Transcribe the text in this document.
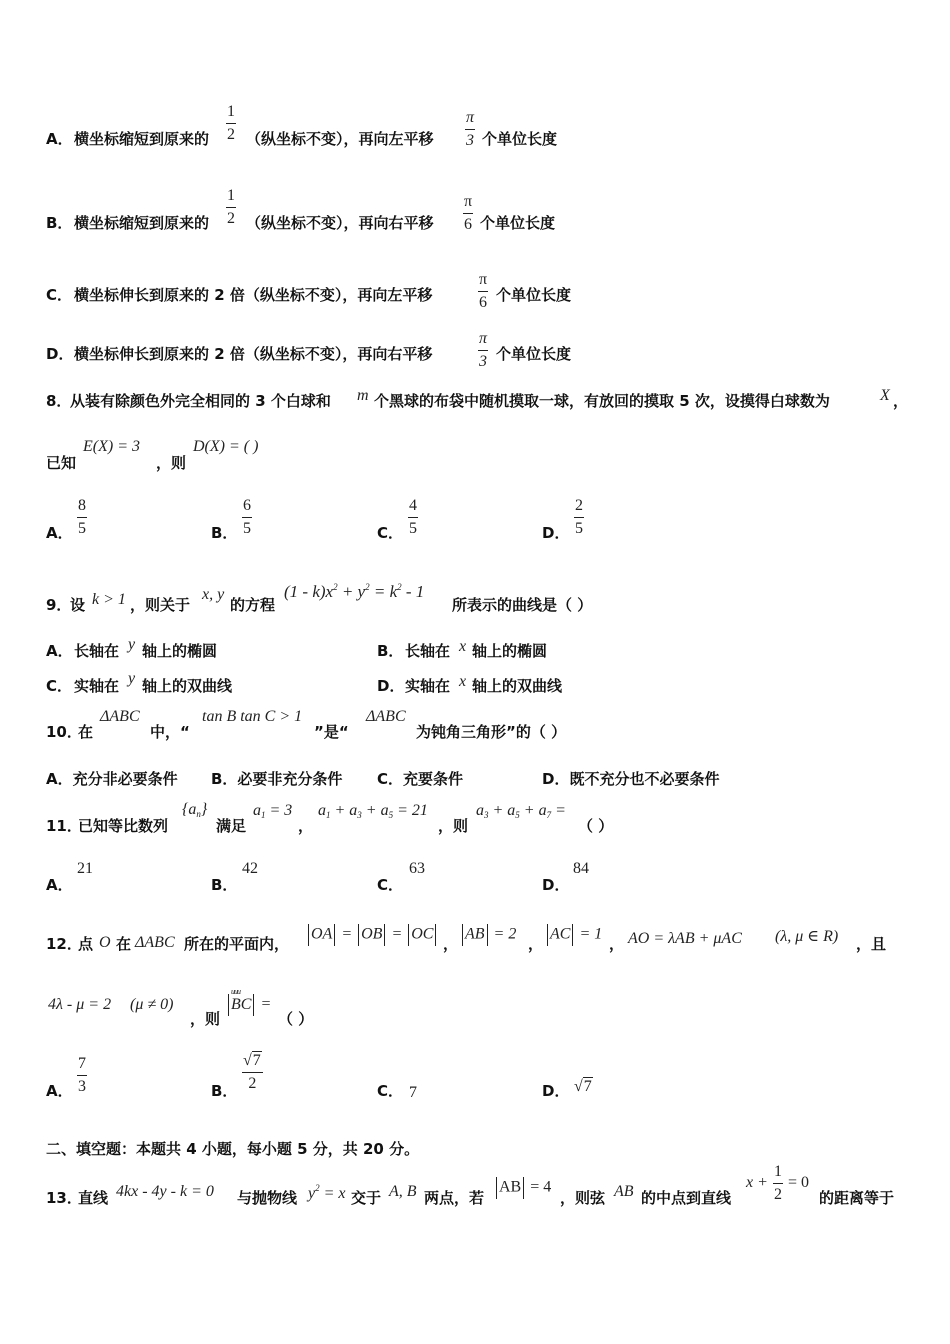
A． 横坐标缩短到原来的
1
2 （纵坐标不变），再向左平移
π
3 个单位长度
B． 横坐标缩短到原来的
1
2 （纵坐标不变），再向右平移
π
6 个单位长度
C． 横坐标伸长到原来的 2 倍（纵坐标不变），再向左平移
π
6 个单位长度
D． 横坐标伸长到原来的 2 倍（纵坐标不变），再向右平移
π
3 个单位长度
8．
从装有除颜色外完全相同的 3 个白球和 m 个黑球的布袋中随机摸取一球，有放回的摸取 5 次，设摸得白球数为	X ，
已知
E(X) = 3
，则
D(X) = ( )
A．
8
5	B．
6
5	C．
4
5	D．
2
5
9．
设 k > 1 ，则关于
x, y
的方程
$(1 - k)x^2 + y^2 = k^2 - 1$
所表示的曲线是（ ）
A． 长轴在 y 轴上的椭圆	B． 长轴在 x 轴上的椭圆
C． 实轴在 y 轴上的双曲线	D． 实轴在 x 轴上的双曲线
10．
在
ΔABC
中，“
tan B tan C > 1
”是“
ΔABC
为钝角三角形”的（ ）
A．充分非必要条件 B．必要非充分条件 C．充要条件	D．既不充分也不必要条件
11．
已知等比数列
$\{a_n\}$
满足
$a_1 = 3$
，
$a_1 + a_3 + a_5 = 21$
，则
$a_3 + a_5 + a_7$ =
（ ）
A．
21
B．
42
C．
63
D．
84
12．
点 O 在 ΔABC 所在的平面内，
OA = OB = OC
，
AB = 2
，
AC = 1
， AO = λAB + μAC (λ, μ ∈ R) ，且
4λ - μ = 2 (μ ≠ 0)
，则
uuu BC =
（ ）
A．
7
3	B．
√7
2	C． 7	D． √7
二、填空题：本题共 4 小题，每小题 5 分，共 20 分。
13．
直线 4kx - 4y - k = 0 与抛物线 $y^2 = x$ 交于 A, B 两点，若
AB = 4
，则弦 AB 的中点到直线
x +
1
2
= 0
的距离等于
